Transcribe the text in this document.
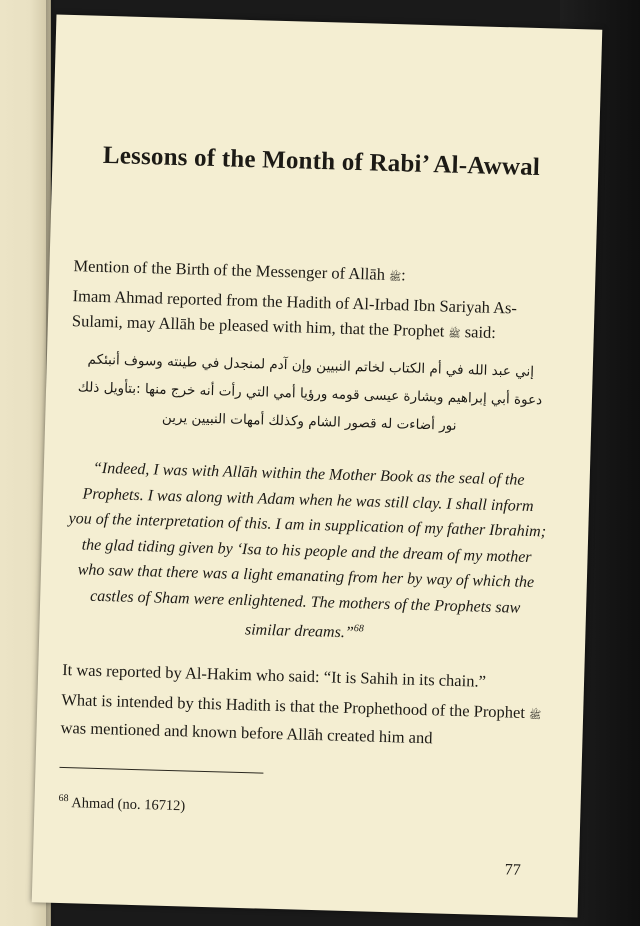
Lessons of the Month of Rabi’ Al-Awwal

Mention of the Birth of the Messenger of Allāh ﷺ:

Imam Ahmad reported from the Hadith of Al-Irbad Ibn Sariyah As-Sulami, may Allāh be pleased with him, that the Prophet ﷺ said:

إني عبد الله في أم الكتاب لخاتم النبيين وإن آدم لمنجدل في طينته وسوف أنبئكم

دعوة أبي إبراهيم وبشارة عيسى قومه ورؤيا أمي التي رأت أنه خرج منها :بتأويل ذلك

نور أضاءت له قصور الشام وكذلك أمهات النبيين يرين

“Indeed, I was with Allāh within the Mother Book as the seal of the Prophets. I was along with Adam when he was still clay. I shall inform you of the interpretation of this. I am in supplication of my father Ibrahim; the glad tiding given by ‘Isa to his people and the dream of my mother who saw that there was a light emanating from her by way of which the castles of Sham were enlightened. The mothers of the Prophets saw similar dreams.”$^{68}$

It was reported by Al-Hakim who said: “It is Sahih in its chain.”

What is intended by this Hadith is that the Prophethood of the Prophet ﷺ was mentioned and known before Allāh created him and

$^{68}$ Ahmad (no. 16712)

77
